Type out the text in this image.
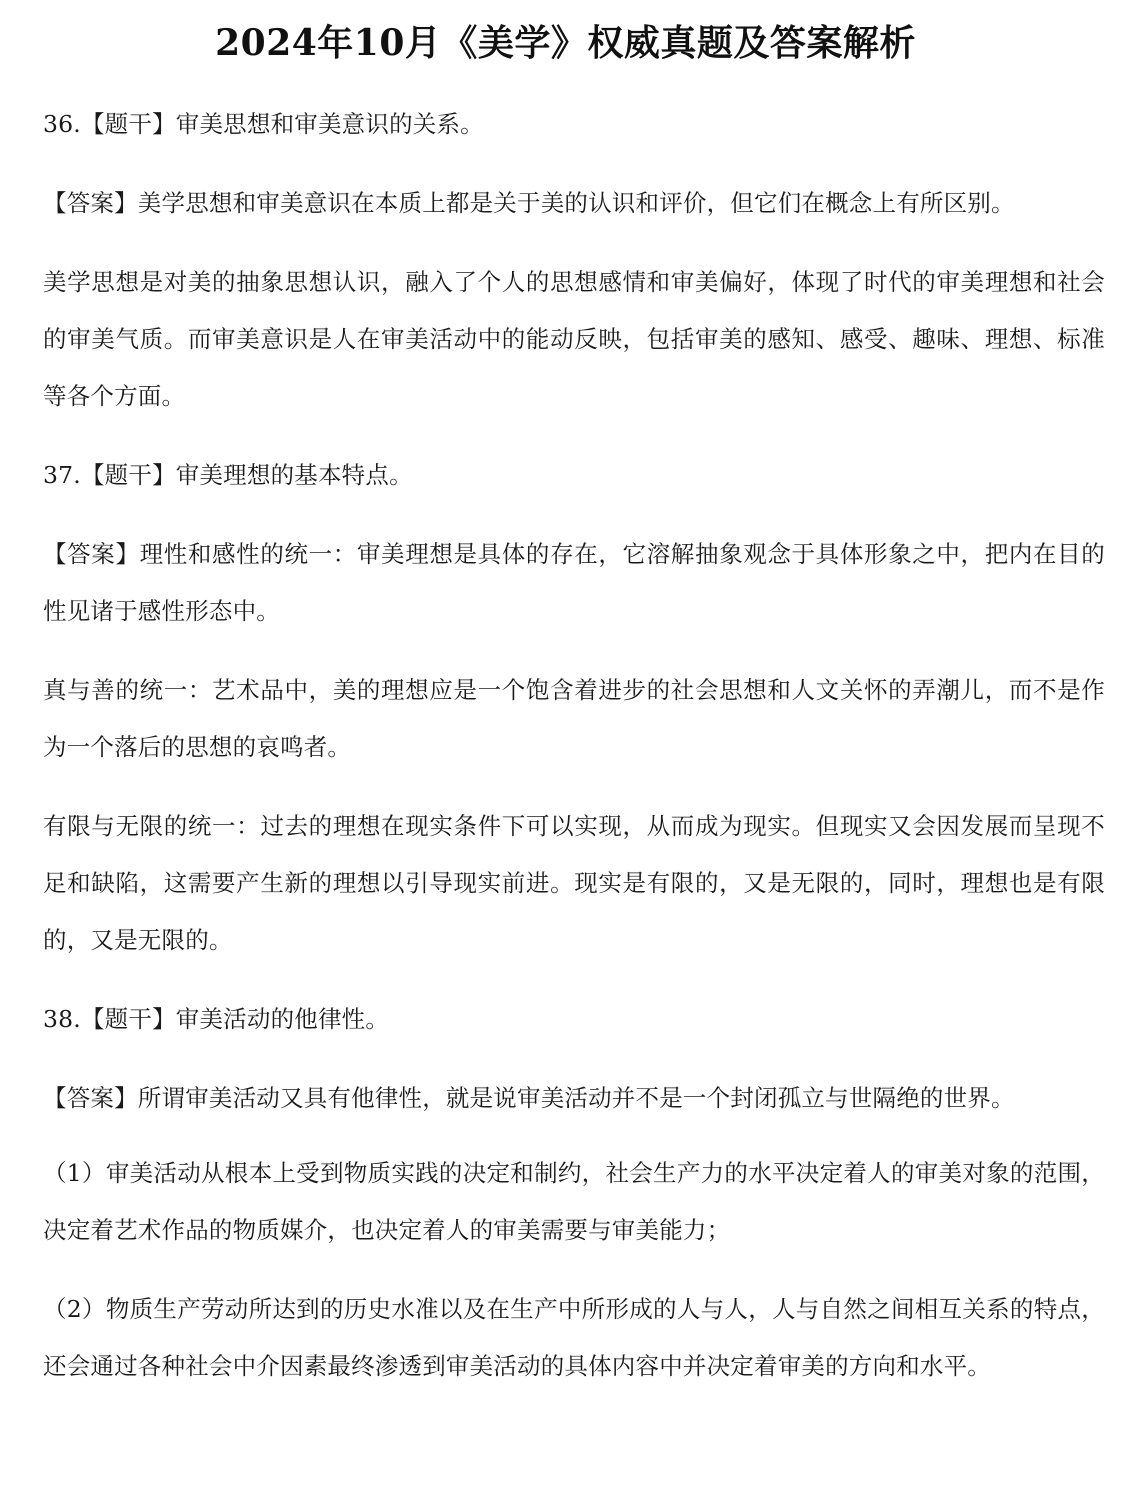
2024年10月《美学》权威真题及答案解析

36.【题干】审美思想和审美意识的关系。

【答案】美学思想和审美意识在本质上都是关于美的认识和评价，但它们在概念上有所区别。

美学思想是对美的抽象思想认识，融入了个人的思想感情和审美偏好，体现了时代的审美理想和社会的审美气质。而审美意识是人在审美活动中的能动反映，包括审美的感知、感受、趣味、理想、标准等各个方面。

37.【题干】审美理想的基本特点。

【答案】理性和感性的统一：审美理想是具体的存在，它溶解抽象观念于具体形象之中，把内在目的性见诸于感性形态中。

真与善的统一：艺术品中，美的理想应是一个饱含着进步的社会思想和人文关怀的弄潮儿，而不是作为一个落后的思想的哀鸣者。

有限与无限的统一：过去的理想在现实条件下可以实现，从而成为现实。但现实又会因发展而呈现不足和缺陷，这需要产生新的理想以引导现实前进。现实是有限的，又是无限的，同时，理想也是有限的，又是无限的。

38.【题干】审美活动的他律性。

【答案】所谓审美活动又具有他律性，就是说审美活动并不是一个封闭孤立与世隔绝的世界。

（1）审美活动从根本上受到物质实践的决定和制约，社会生产力的水平决定着人的审美对象的范围，决定着艺术作品的物质媒介，也决定着人的审美需要与审美能力；

（2）物质生产劳动所达到的历史水准以及在生产中所形成的人与人，人与自然之间相互关系的特点，还会通过各种社会中介因素最终渗透到审美活动的具体内容中并决定着审美的方向和水平。
